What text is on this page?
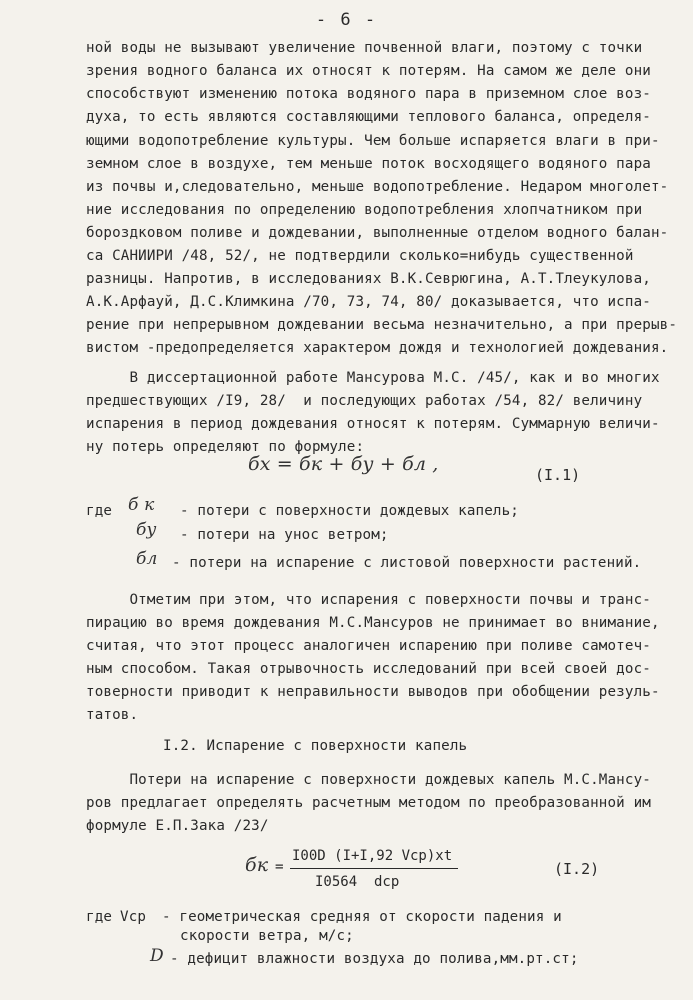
- 6 -
ной воды не вызывают увеличение почвенной влаги, поэтому с точки
зрения водного баланса их относят к потерям. На самом же деле они
способствуют изменению потока водяного пара в приземном слое воз-
духа, то есть являются составляющими теплового баланса, определя-
ющими водопотребление культуры. Чем больше испаряется влаги в при-
земном слое в воздухе, тем меньше поток восходящего водяного пара
из почвы и,следовательно, меньше водопотребление. Недаром многолет-
ние исследования по определению водопотребления хлопчатником при
бороздковом поливе и дождевании, выполненные отделом водного балан-
са САНИИРИ /48, 52/, не подтвердили сколько=нибудь существенной
разницы. Напротив, в исследованиях В.К.Севрюгина, А.Т.Тлеукулова,
А.К.Арфауй, Д.С.Климкина /70, 73, 74, 80/ доказывается, что испа-
рение при непрерывном дождевании весьма незначительно, а при прерыв-
вистом -предопределяется характером дождя и технологией дождевания.
В диссертационной работе Мансурова М.С. /45/, как и во многих
предшествующих /I9, 28/  и последующих работах /54, 82/ величину
испарения в период дождевания относят к потерям. Суммарную величи-
ну потерь определяют по формуле:
бх = бк + бу + бл ,	(I.1)
где б к - потери с поверхности дождевых капель;
бу - потери на унос ветром;
бл - потери на испарение с листовой поверхности растений.
Отметим при этом, что испарения с поверхности почвы и транс-
пирацию во время дождевания М.С.Мансуров не принимает во внимание,
считая, что этот процесс аналогичен испарению при поливе самотеч-
ным способом. Такая отрывочность исследований при всей своей дос-
товерности приводит к неправильности выводов при обобщении резуль-
татов.
I.2. Испарение с поверхности капель
Потери на испарение с поверхности дождевых капель М.С.Мансу-
ров предлагает определять расчетным методом по преобразованной им
формуле Е.П.Зака /23/
бк =
I00D (I+I,92 Vср)xt
I0564  dср
(I.2)
где Vср - геометрическая средняя от скорости падения и
скорости ветра, м/с;
D - дефицит влажности воздуха до полива,мм.рт.ст;
